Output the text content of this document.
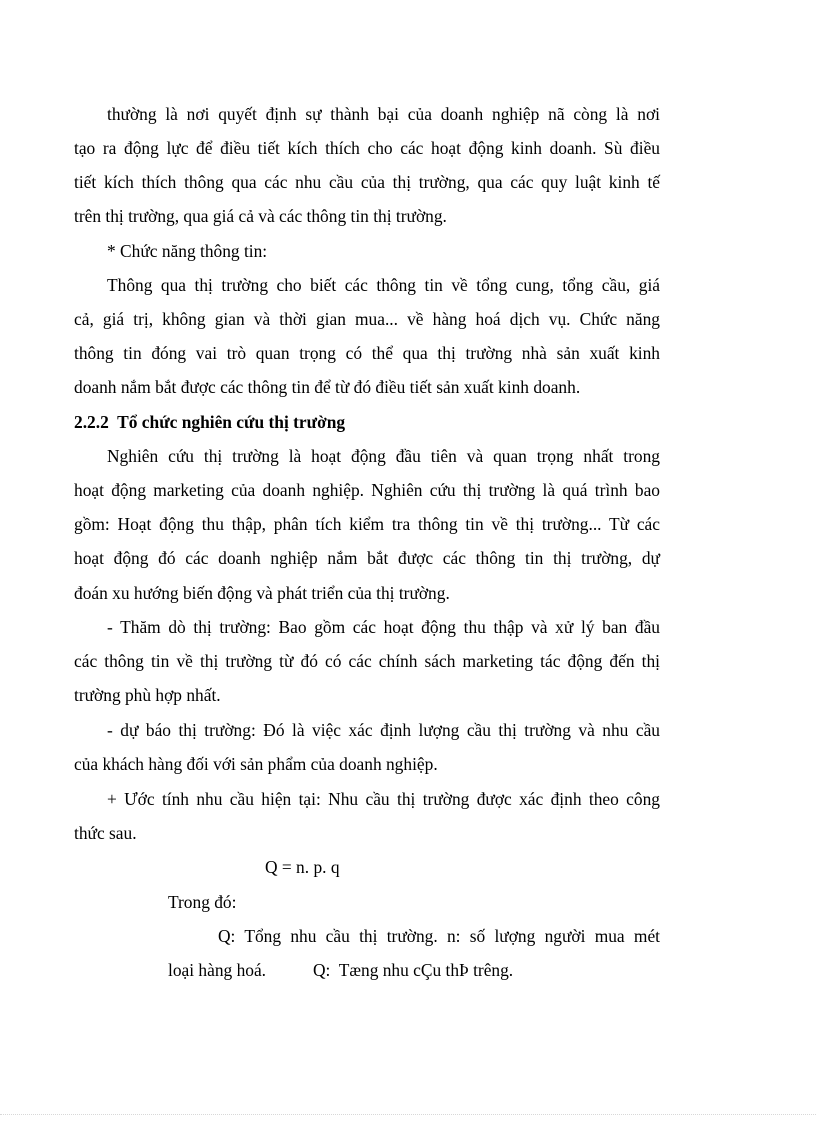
thường là nơi quyết định sự thành bại của doanh nghiệp nã còng là nơi
tạo ra động lực để điều tiết kích thích cho các hoạt động kinh doanh. Sù điều
tiết kích thích thông qua các nhu cầu của thị trường, qua các quy luật kinh tế
trên thị trường, qua giá cả và các thông tin thị trường.
* Chức năng thông tin:
Thông qua thị trường cho biết các thông tin về tổng cung, tổng cầu, giá
cả, giá trị, không gian và thời gian mua... về hàng hoá dịch vụ. Chức năng
thông tin đóng vai trò quan trọng có thể qua thị trường nhà sản xuất kinh
doanh nắm bắt được các thông tin để từ đó điều tiết sản xuất kinh doanh.
2.2.2  Tổ chức nghiên cứu thị trường
Nghiên cứu thị trường là hoạt động đầu tiên và quan trọng nhất trong
hoạt động marketing của doanh nghiệp. Nghiên cứu thị trường là quá trình bao
gồm: Hoạt động thu thập, phân tích kiểm tra thông tin về thị trường... Từ các
hoạt động đó các doanh nghiệp nắm bắt được các thông tin thị trường, dự
đoán xu hướng biến động và phát triển của thị trường.
- Thăm dò thị trường: Bao gồm các hoạt động thu thập và xử lý ban đầu
các thông tin về thị trường từ đó có các chính sách marketing tác động đến thị
trường phù hợp nhất.
- dự báo thị trường: Đó là việc xác định lượng cầu thị trường và nhu cầu
của khách hàng đối với sản phẩm của doanh nghiệp.
+ Ước tính nhu cầu hiện tại: Nhu cầu thị trường được xác định theo công
thức sau.
Q = n. p. q
Trong đó:
Q: Tổng nhu cầu thị trường. n: số lượng người mua mét
loại hàng hoá.	Q:  Tæng nhu cÇu thÞ trêng.
